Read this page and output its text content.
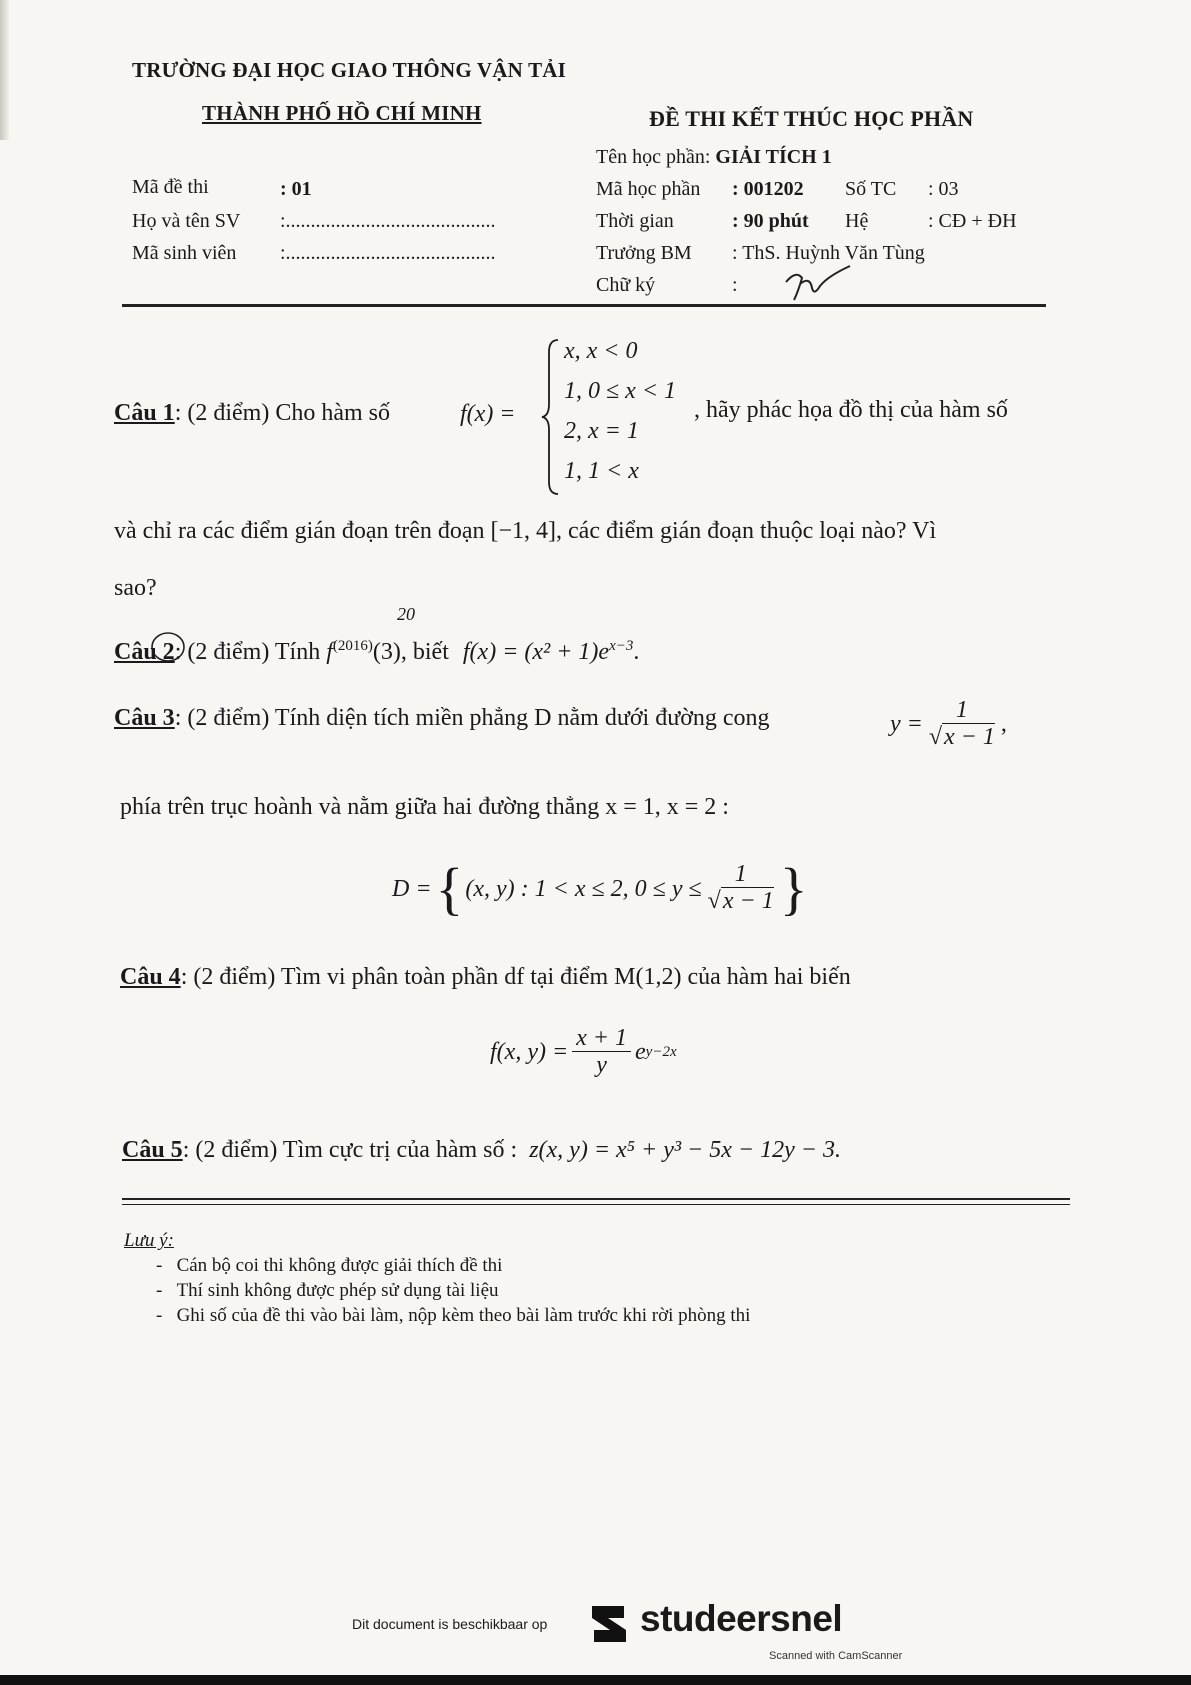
TRƯỜNG ĐẠI HỌC GIAO THÔNG VẬN TẢI
THÀNH PHỐ HỒ CHÍ MINH	ĐỀ THI KẾT THÚC HỌC PHẦN
Tên học phần: GIẢI TÍCH 1
Mã đề thi	: 01
Họ và tên SV :..........................................
Mã sinh viên :..........................................
Mã học phần : 001202 Số TC : 03
Thời gian	: 90 phút Hệ	: CĐ + ĐH
Trưởng BM : ThS. Huỳnh Văn Tùng
Chữ ký	:
Câu 1: (2 điểm) Cho hàm số	f(x) =
x, x < 0
1, 0 ≤ x < 1
2, x = 1
1, 1 < x
, hãy phác họa đồ thị của hàm số
và chỉ ra các điểm gián đoạn trên đoạn [−1, 4], các điểm gián đoạn thuộc loại nào? Vì
sao?
20
Câu 2: (2 điểm) Tính $f^{(2016)}(3)$, biết $f(x) = (x^2 + 1)e^{x-3}$.
Câu 3: (2 điểm) Tính diện tích miền phẳng D nằm dưới đường cong	$y = \frac{1}{√x - 1}$ ,
phía trên trục hoành và nằm giữa hai đường thẳng x = 1, x = 2 :
D = { (x, y) : 1 < x ≤ 2, $0 \le y \le \frac{1}{√x - 1}$ }
Câu 4: (2 điểm) Tìm vi phân toàn phần df tại điểm M(1,2) của hàm hai biến
f(x, $y) = \frac{x + 1}{y}$ e y−2x
Câu 5: (2 điểm) Tìm cực trị của hàm số : z(x, y) = x⁵ + y³ − 5x − 12y − 3.
Lưu ý:
-   Cán bộ coi thi không được giải thích đề thi
-   Thí sinh không được phép sử dụng tài liệu
-   Ghi số của đề thi vào bài làm, nộp kèm theo bài làm trước khi rời phòng thi
Dit document is beschikbaar op	studeersnel
Scanned with CamScanner
